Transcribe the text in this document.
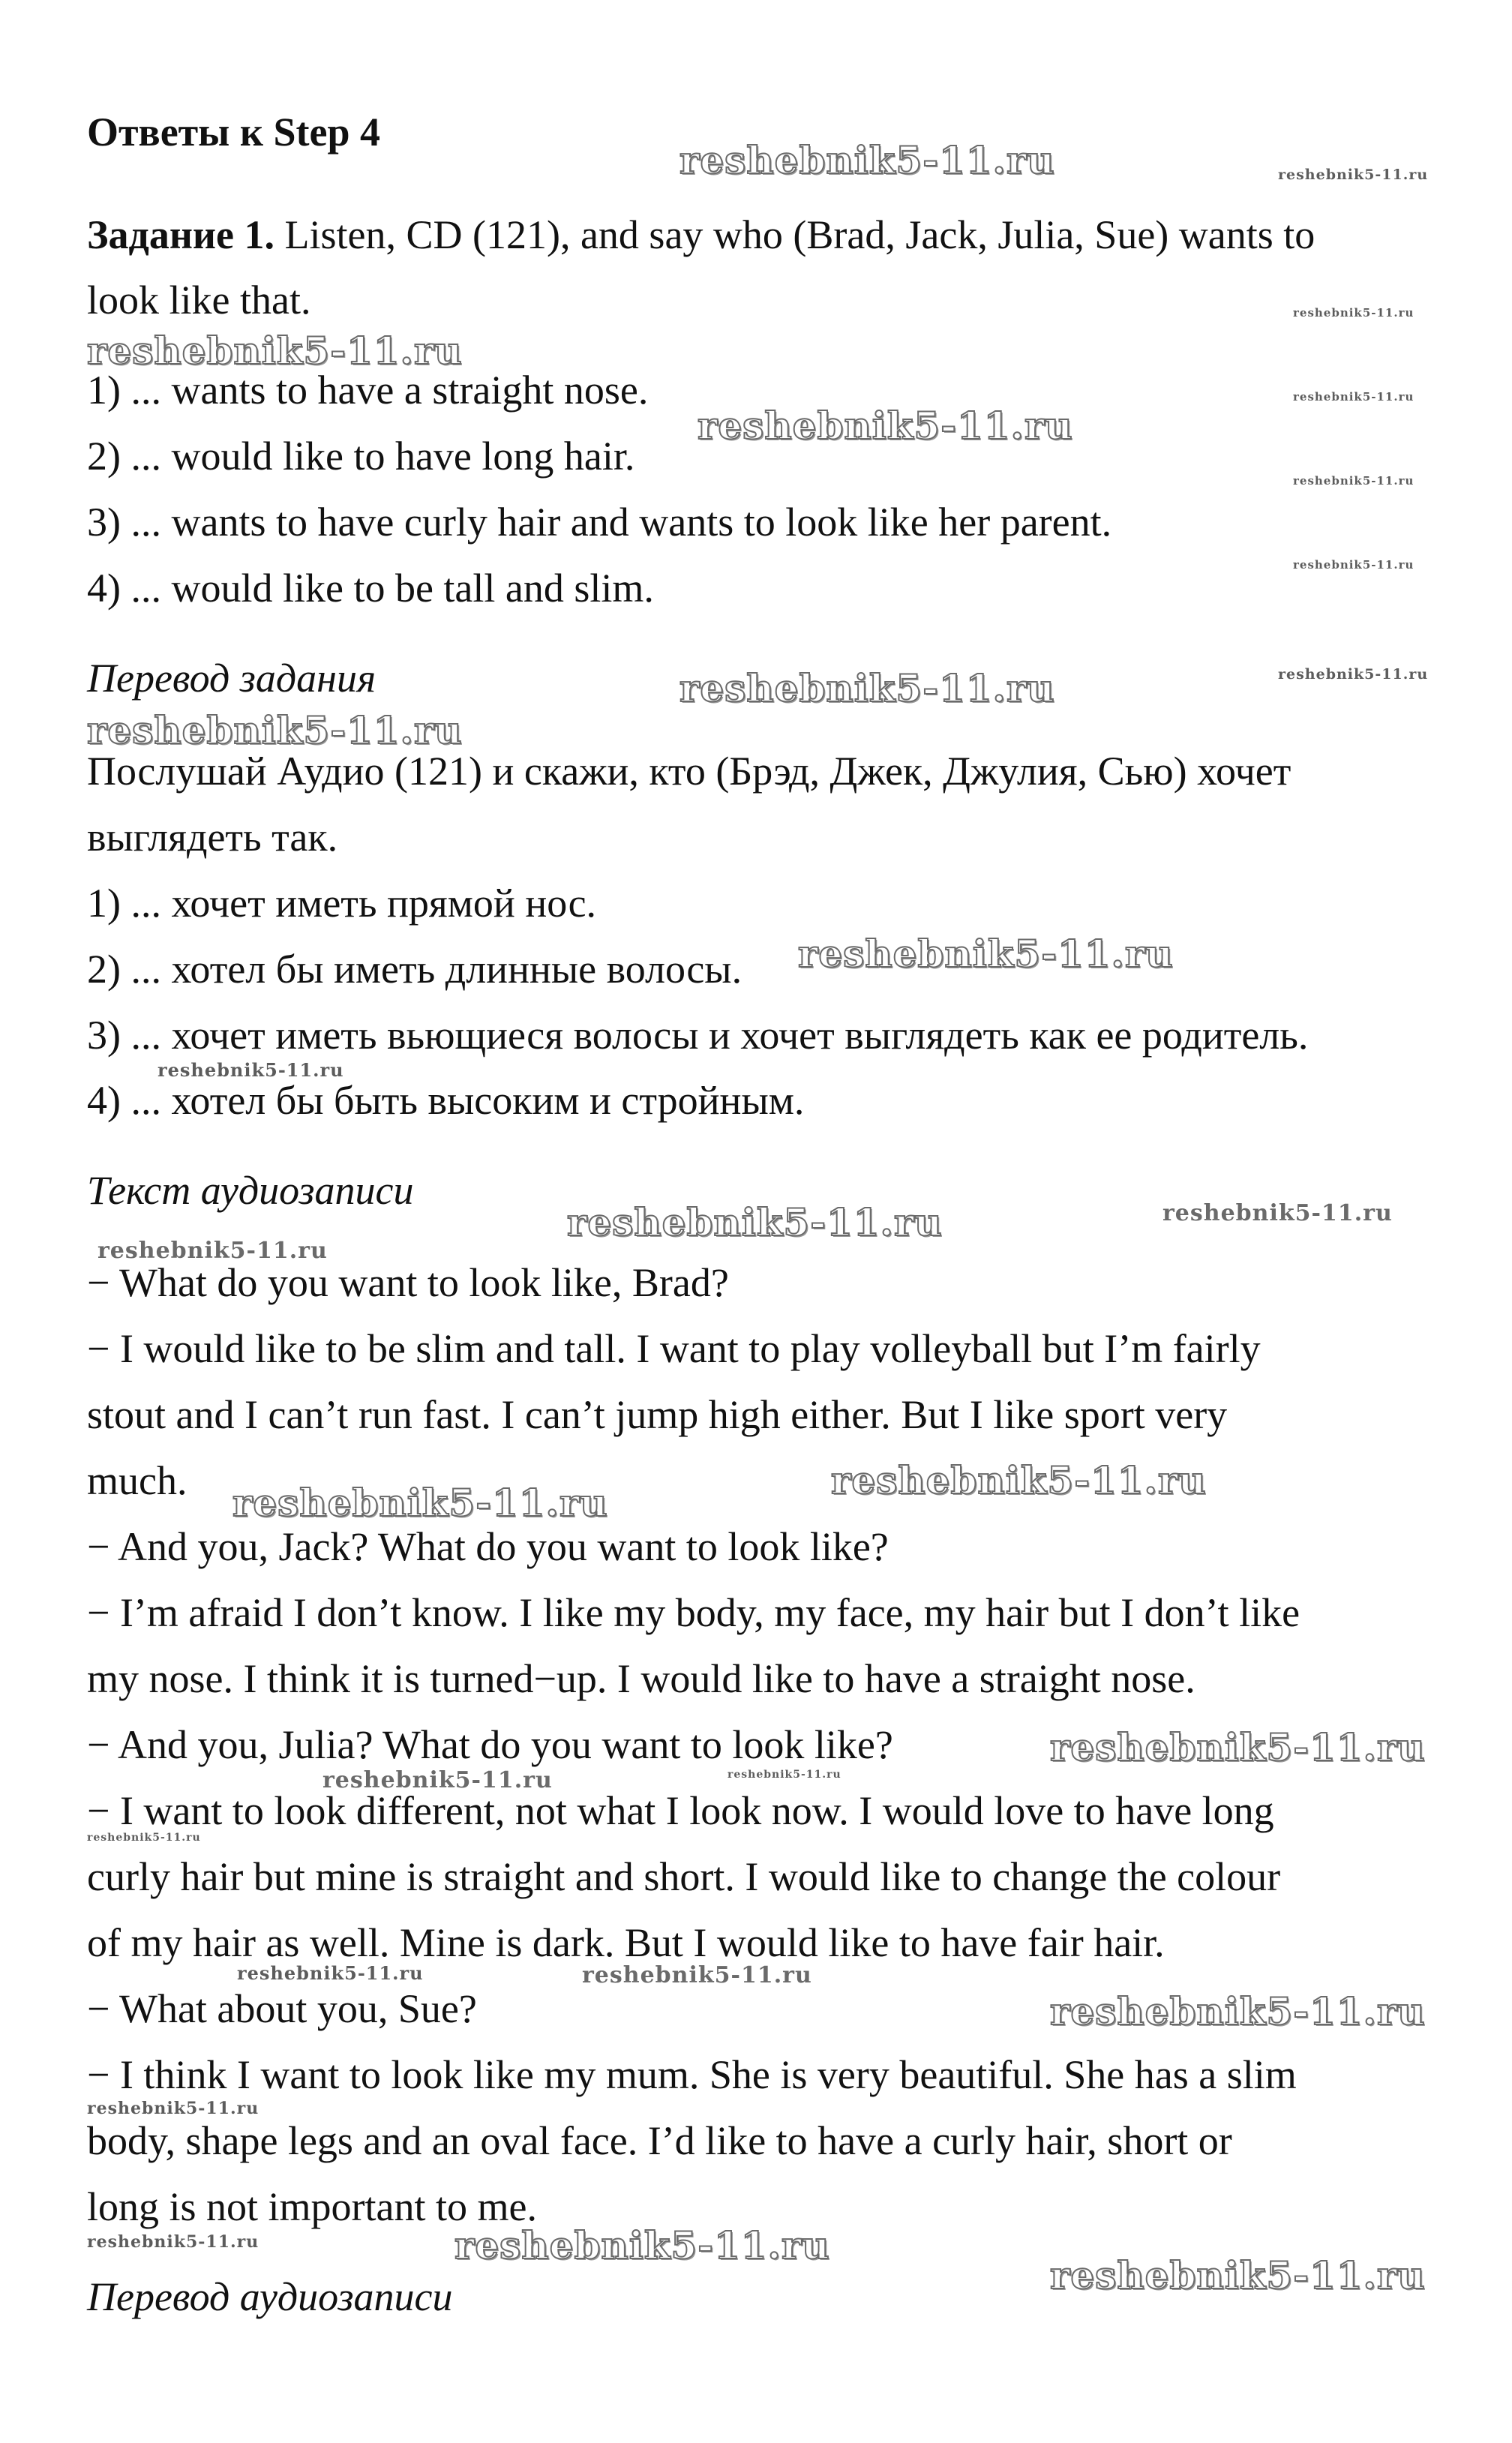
Ответы к Step 4

Задание 1. Listen, CD (121), and say who (Brad, Jack, Julia, Sue) wants to

look like that.

1) ... wants to have a straight nose.

2) ... would like to have long hair.

3) ... wants to have curly hair and wants to look like her parent.

4) ... would like to be tall and slim.

Перевод задания

Послушай Аудио (121) и скажи, кто (Брэд, Джек, Джулия, Сью) хочет

выглядеть так.

1) ... хочет иметь прямой нос.

2) ... хотел бы иметь длинные волосы.

3) ... хочет иметь вьющиеся волосы и хочет выглядеть как ее родитель.

4) ... хотел бы быть высоким и стройным.

Текст аудиозаписи

− What do you want to look like, Brad?

− I would like to be slim and tall. I want to play volleyball but I’m fairly

stout and I can’t run fast. I can’t jump high either. But I like sport very

much.

− And you, Jack? What do you want to look like?

− I’m afraid I don’t know. I like my body, my face, my hair but I don’t like

my nose. I think it is turned−up. I would like to have a straight nose.

− And you, Julia? What do you want to look like?

− I want to look different, not what I look now. I would love to have long

curly hair but mine is straight and short. I would like to change the colour

of my hair as well. Mine is dark. But I would like to have fair hair.

− What about you, Sue?

− I think I want to look like my mum. She is very beautiful. She has a slim

body, shape legs and an oval face. I’d like to have a curly hair, short or

long is not important to me.

Перевод аудиозаписи

reshebnik5-11.ru
reshebnik5-11.ru
reshebnik5-11.ru
reshebnik5-11.ru
reshebnik5-11.ru
reshebnik5-11.ru
reshebnik5-11.ru
reshebnik5-11.ru
reshebnik5-11.ru
reshebnik5-11.ru
reshebnik5-11.ru
reshebnik5-11.ru
reshebnik5-11.ru
reshebnik5-11.ru
reshebnik5-11.ru
reshebnik5-11.ru
reshebnik5-11.ru
reshebnik5-11.ru
reshebnik5-11.ru
reshebnik5-11.ru
reshebnik5-11.ru
reshebnik5-11.ru
reshebnik5-11.ru	reshebnik5-11.ru
reshebnik5-11.ru
reshebnik5-11.ru	reshebnik5-11.ru
reshebnik5-11.ru
reshebnik5-11.ru
